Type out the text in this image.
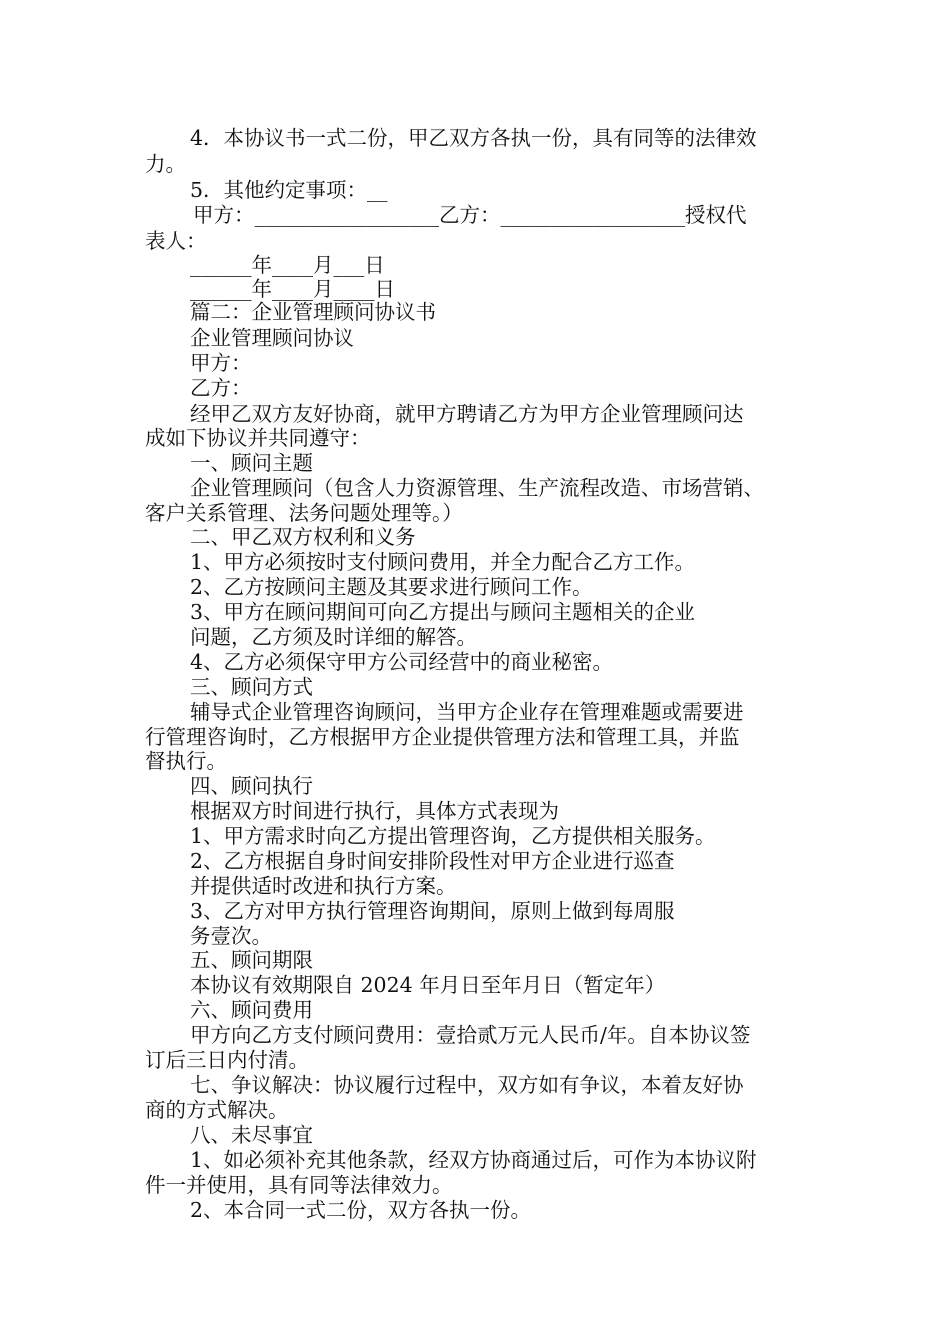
4．本协议书一式二份，甲乙双方各执一份，具有同等的法律效

力。

5．其他约定事项：__

甲方：__________________乙方：__________________授权代

表人：

______年____月___日

______年____月____日

篇二：企业管理顾问协议书

企业管理顾问协议

甲方：

乙方：

经甲乙双方友好协商，就甲方聘请乙方为甲方企业管理顾问达

成如下协议并共同遵守：

一、顾问主题

企业管理顾问（包含人力资源管理、生产流程改造、市场营销、

客户关系管理、法务问题处理等。）

二、甲乙双方权利和义务

1、甲方必须按时支付顾问费用，并全力配合乙方工作。

2、乙方按顾问主题及其要求进行顾问工作。

3、甲方在顾问期间可向乙方提出与顾问主题相关的企业

问题，乙方须及时详细的解答。

4、乙方必须保守甲方公司经营中的商业秘密。

三、顾问方式

辅导式企业管理咨询顾问，当甲方企业存在管理难题或需要进

行管理咨询时，乙方根据甲方企业提供管理方法和管理工具，并监

督执行。

四、顾问执行

根据双方时间进行执行，具体方式表现为

1、甲方需求时向乙方提出管理咨询，乙方提供相关服务。

2、乙方根据自身时间安排阶段性对甲方企业进行巡查

并提供适时改进和执行方案。

3、乙方对甲方执行管理咨询期间，原则上做到每周服

务壹次。

五、顾问期限

本协议有效期限自 2024 年月日至年月日（暂定年）

六、顾问费用

甲方向乙方支付顾问费用：壹拾贰万元人民币/年。自本协议签

订后三日内付清。

七、争议解决：协议履行过程中，双方如有争议，本着友好协

商的方式解决。

八、未尽事宜

1、如必须补充其他条款，经双方协商通过后，可作为本协议附

件一并使用，具有同等法律效力。

2、本合同一式二份，双方各执一份。
